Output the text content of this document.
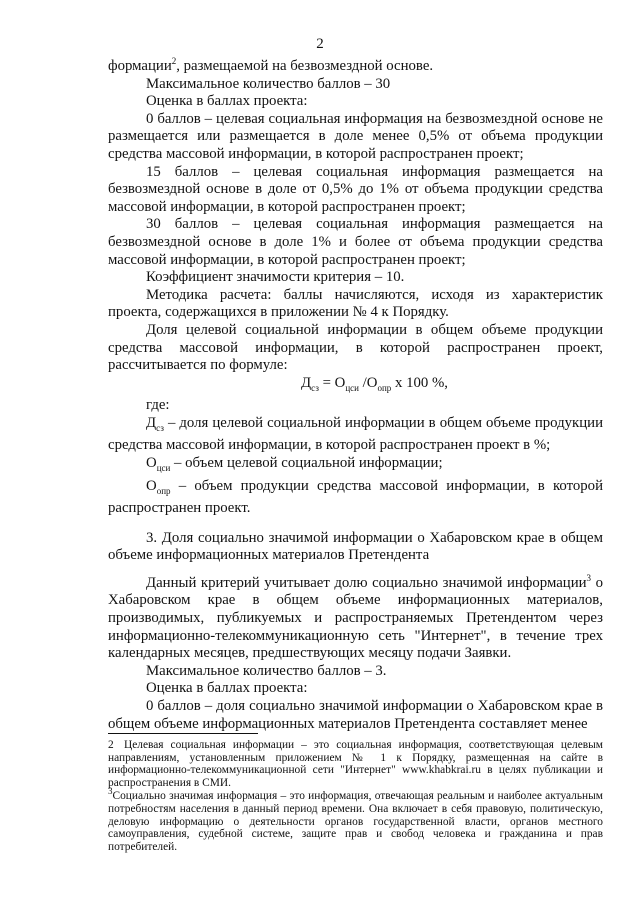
2

формации$^2$, размещаемой на безвозмездной основе.

Максимальное количество баллов – 30

Оценка в баллах проекта:

0 баллов – целевая социальная информация на безвозмездной основе не размещается или размещается в доле менее 0,5% от объема продукции средства массовой информации, в которой распространен проект;

15 баллов – целевая социальная информация размещается на безвозмездной основе в доле от 0,5% до 1% от объема продукции средства массовой информации, в которой распространен проект;

30 баллов – целевая социальная информация размещается на безвозмездной основе в доле 1% и более от объема продукции средства массовой информации, в которой распространен проект;

Коэффициент значимости критерия – 10.

Методика расчета: баллы начисляются, исходя из характеристик проекта, содержащихся в приложении № 4 к Порядку.

Доля целевой социальной информации в общем объеме продукции средства массовой информации, в которой распространен проект, рассчитывается по формуле:

$Д_{сз} = О_{цси}$ $/О_{опр}$ х 100 %,

где:

$Д_{сз}$ – доля целевой социальной информации в общем объеме продукции средства массовой информации, в которой распространен проект в %;

$О_{цси}$ – объем целевой социальной информации;

$О_{опр}$ – объем продукции средства массовой информации, в которой распространен проект.

3. Доля социально значимой информации о Хабаровском крае в общем объеме информационных материалов Претендента

Данный критерий учитывает долю социально значимой информации$^3$ о Хабаровском крае в общем объеме информационных материалов, производимых, публикуемых и распространяемых Претендентом через информационно-телекоммуникационную сеть "Интернет", в течение трех календарных месяцев, предшествующих месяцу подачи Заявки.

Максимальное количество баллов – 3.

Оценка в баллах проекта:

0 баллов – доля социально значимой информации о Хабаровском крае в общем объеме информационных материалов Претендента составляет менее

2 Целевая социальная информации – это социальная информация, соответствующая целевым направлениям, установленным приложением № 1 к Порядку, размещенная на сайте в информационно-телекоммуникационной сети "Интернет" www.khabkrai.ru в целях публикации и распространения в СМИ.

$^3$Социально значимая информация – это информация, отвечающая реальным и наиболее актуальным потребностям населения в данный период времени. Она включает в себя правовую, политическую, деловую информацию о деятельности органов государственной власти, органов местного самоуправления, судебной системе, защите прав и свобод человека и гражданина и прав потребителей.
